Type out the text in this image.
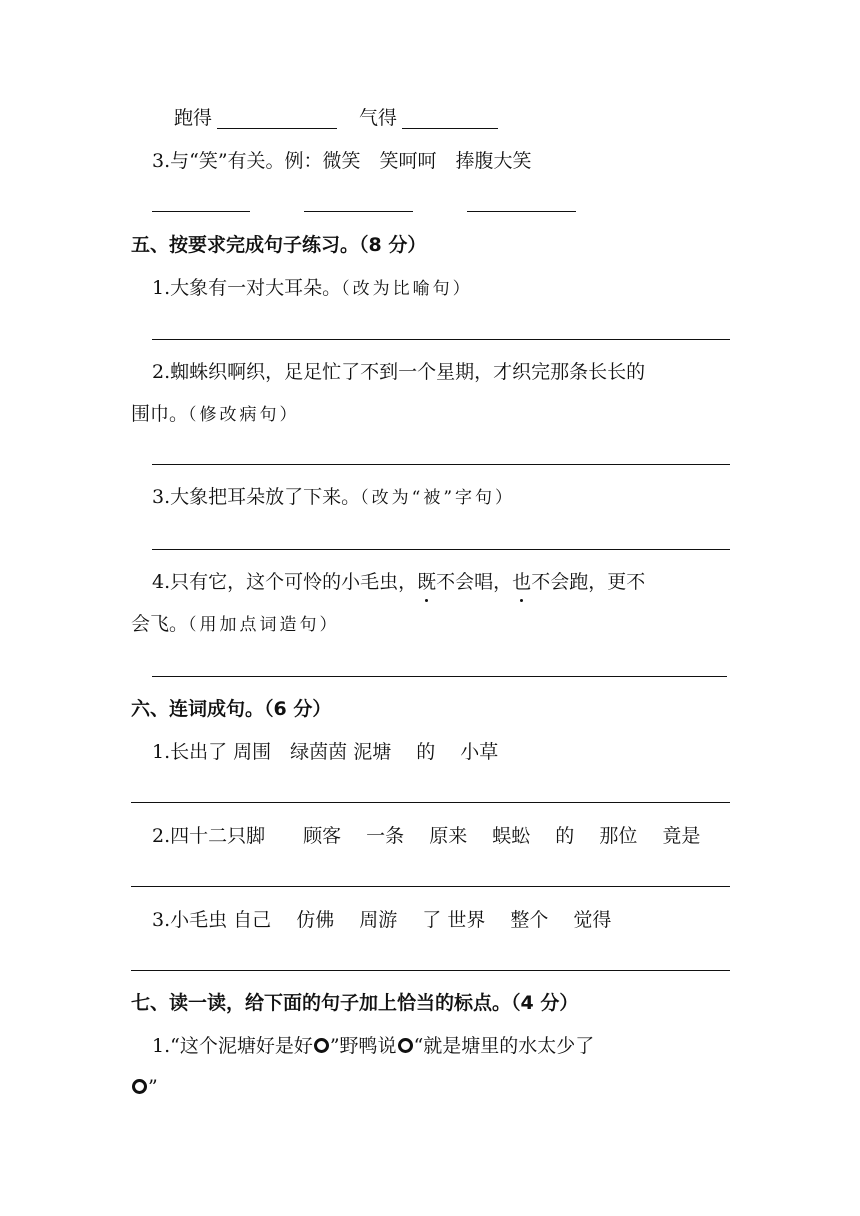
跑得	气得
3.与“笑”有关。例：微笑　笑呵呵　捧腹大笑
五、按要求完成句子练习。（8 分）
1.大象有一对大耳朵。（改为比喻句）
2.蜘蛛织啊织，足足忙了不到一个星期，才织完那条长长的
围巾。（修改病句）
3.大象把耳朵放了下来。（改为“被”字句）
4.只有它，这个可怜的小毛虫，既不会唱，也不会跑，更不
会飞。（用加点词造句）
六、连词成句。（6 分）
1.长出了 周围　绿茵茵 泥塘　 的　 小草
2.四十二只脚　　顾客　 一条　 原来　 蜈蚣　 的　 那位　 竟是
3.小毛虫 自己　 仿佛　 周游　 了 世界　 整个　 觉得
七、读一读，给下面的句子加上恰当的标点。（4 分）
1.“这个泥塘好是好 ”野鸭说 “就是塘里的水太少了
”
